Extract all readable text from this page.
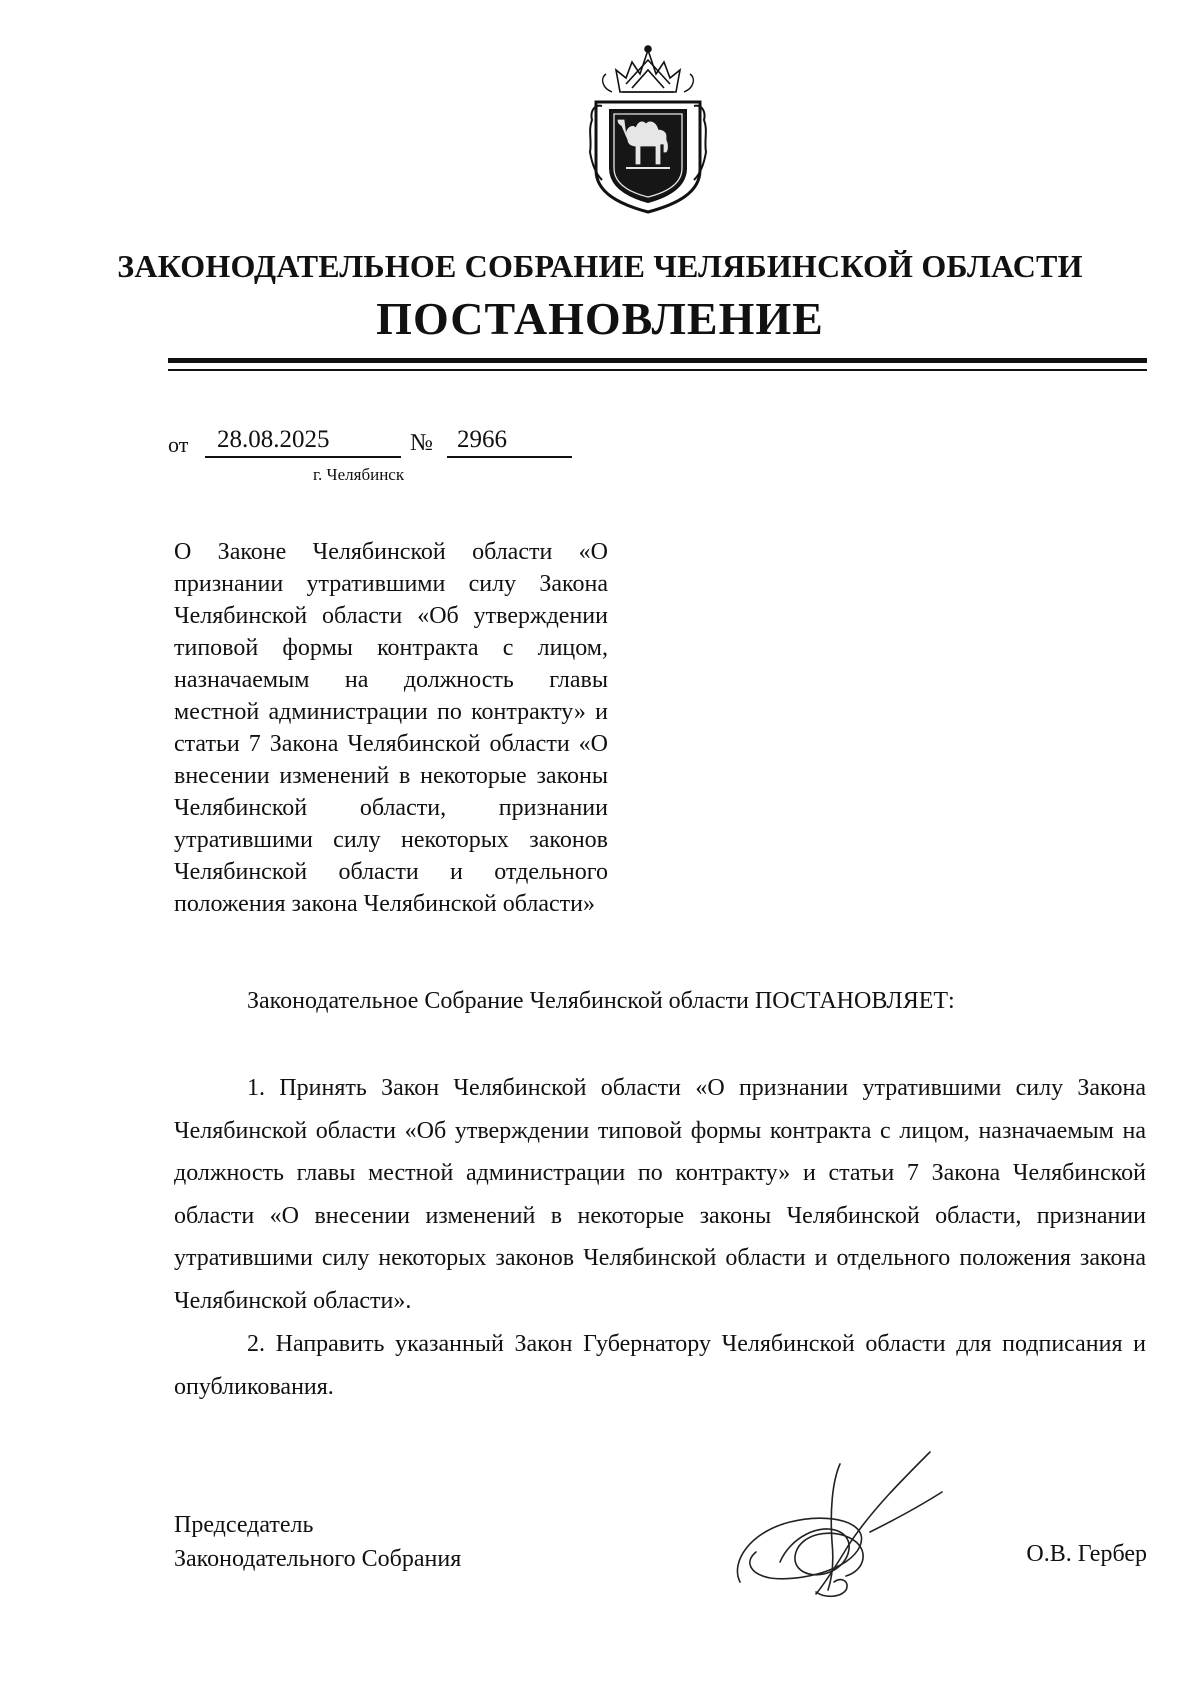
ЗАКОНОДАТЕЛЬНОЕ СОБРАНИЕ ЧЕЛЯБИНСКОЙ ОБЛАСТИ
ПОСТАНОВЛЕНИЕ
от 28.08.2025	№ 2966
г. Челябинск
О Законе Челябинской области «О признании утратившими силу Закона Челябинской области «Об утверждении типовой формы контракта с лицом, назначаемым на должность главы местной администрации по контракту» и статьи 7 Закона Челябинской области «О внесении изменений в некоторые законы Челябинской области, признании утратившими силу некоторых законов Челябинской области и отдельного положения закона Челябинской области»
Законодательное Собрание Челябинской области ПОСТАНОВЛЯЕТ:
1. Принять Закон Челябинской области «О признании утратившими силу Закона Челябинской области «Об утверждении типовой формы контракта с лицом, назначаемым на должность главы местной администрации по контракту» и статьи 7 Закона Челябинской области «О внесении изменений в некоторые законы Челябинской области, признании утратившими силу некоторых законов Челябинской области и отдельного положения закона Челябинской области».
2. Направить указанный Закон Губернатору Челябинской области для подписания и опубликования.
Председатель
Законодательного Собрания	О.В. Гербер
